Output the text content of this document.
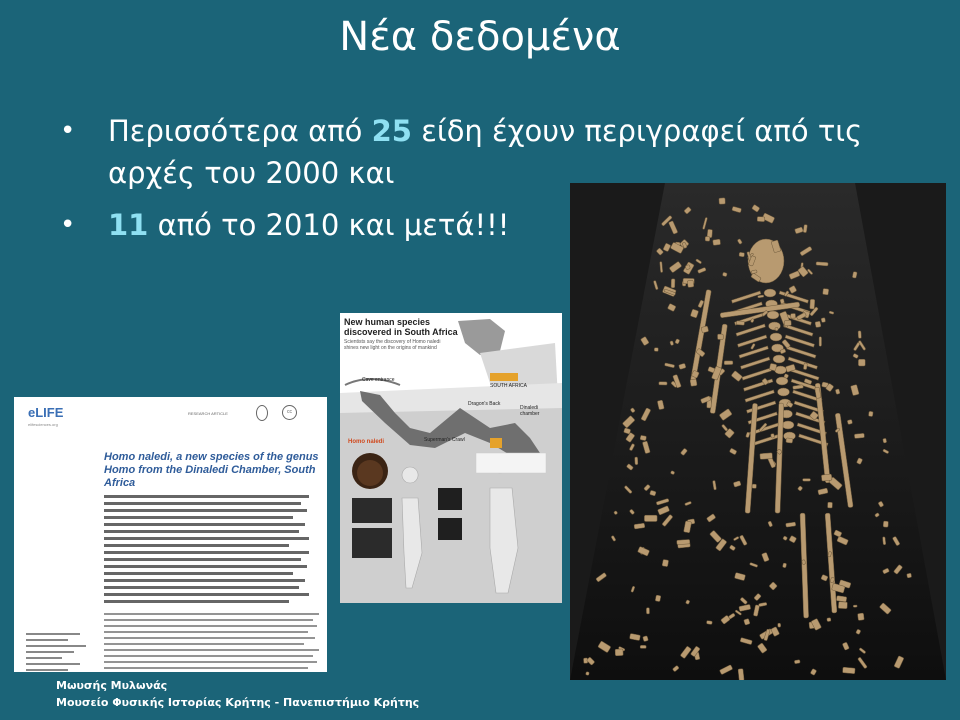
Νέα δεδομένα
• Περισσότερα από 25 είδη έχουν περιγραφεί από τις αρχές του 2000 και
• 11 από το 2010 και μετά!!!
New human species discovered in South Africa
Scientists say the discovery of Homo naledi shines new light on the origins of mankind
SOUTH AFRICA
Cave entrance
Dragon's Back
Dinaledi chamber
Superman's Crawl
Homo naledi
eLIFE
elifesciences.org
RESEARCH ARTICLE	cc
Homo naledi, a new species of the genus Homo from the Dinaledi Chamber, South Africa
Μωυσής Μυλωνάς
Μουσείο Φυσικής Ιστορίας Κρήτης - Πανεπιστήμιο Κρήτης
